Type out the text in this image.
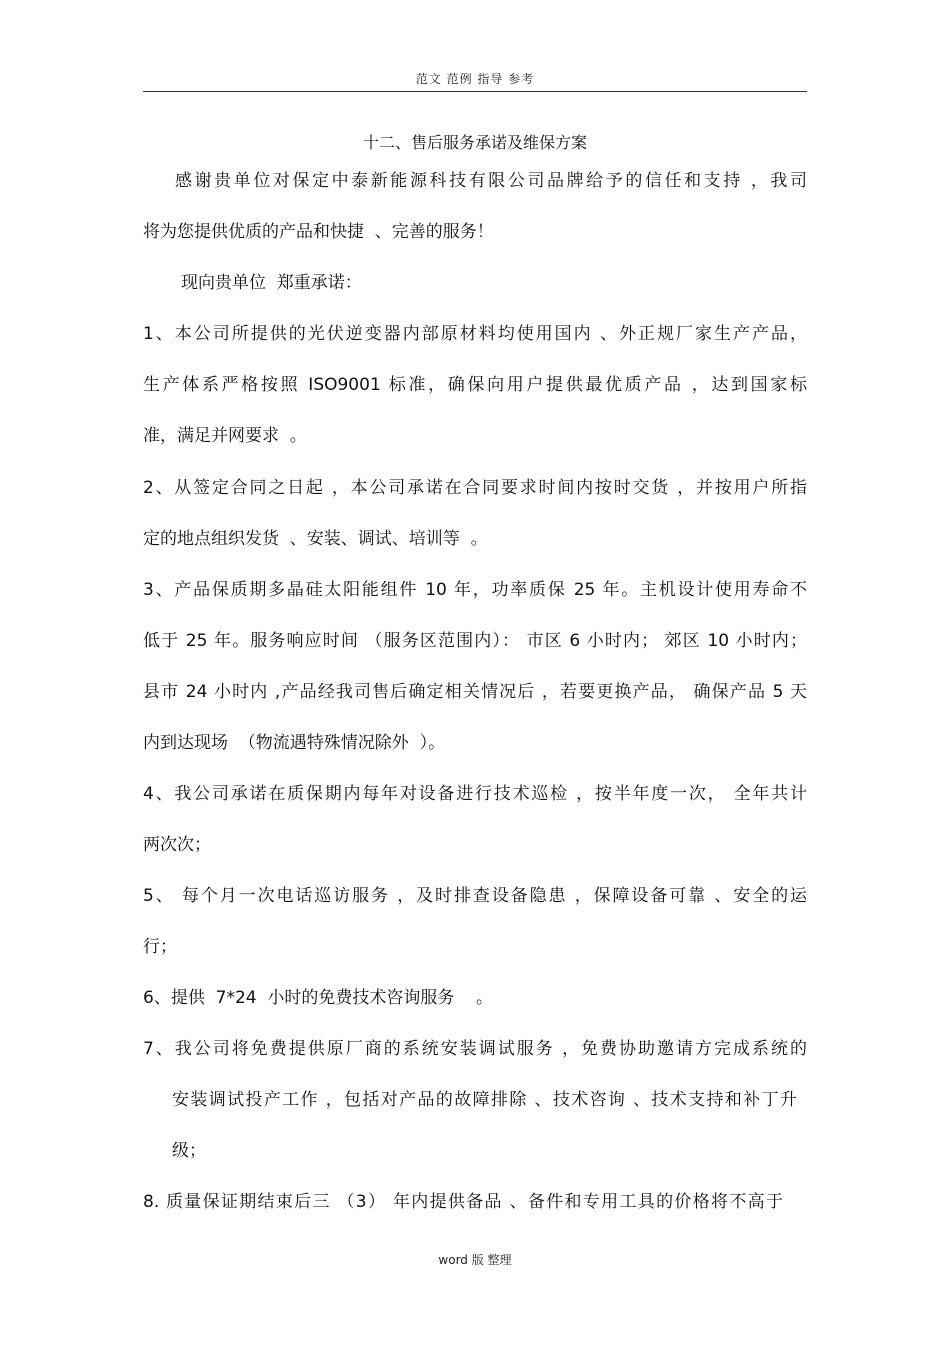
范文 范例 指导 参考
十二、售后服务承诺及维保方案
感谢贵单位对保定中泰新能源科技有限公司品牌给予的信任和支持 ，我司
将为您提供优质的产品和快捷  、完善的服务！
现向贵单位  郑重承诺：
1、本公司所提供的光伏逆变器内部原材料均使用国内 、外正规厂家生产产品，
生产体系严格按照 ISO9001 标准，确保向用户提供最优质产品 ，达到国家标
准，满足并网要求  。
2、从签定合同之日起 ，本公司承诺在合同要求时间内按时交货 ，并按用户所指
定的地点组织发货  、安装、调试、培训等  。
3、产品保质期多晶硅太阳能组件 10 年，功率质保 25 年。主机设计使用寿命不
低于 25 年。服务响应时间 （服务区范围内）： 市区 6 小时内； 郊区 10 小时内；
县市 24 小时内 ,产品经我司售后确定相关情况后 ，若要更换产品， 确保产品 5 天
内到达现场  （物流遇特殊情况除外  ）。
4、我公司承诺在质保期内每年对设备进行技术巡检 ，按半年度一次， 全年共计
两次次；
5、 每个月一次电话巡访服务 ，及时排查设备隐患 ，保障设备可靠 、安全的运
行；
6、提供  7*24  小时的免费技术咨询服务    。
7、我公司将免费提供原厂商的系统安装调试服务 ，免费协助邀请方完成系统的
安装调试投产工作 ，包括对产品的故障排除 、技术咨询 、技术支持和补丁升
级；
8. 质量保证期结束后三 （3） 年内提供备品 、备件和专用工具的价格将不高于
word 版 整理
